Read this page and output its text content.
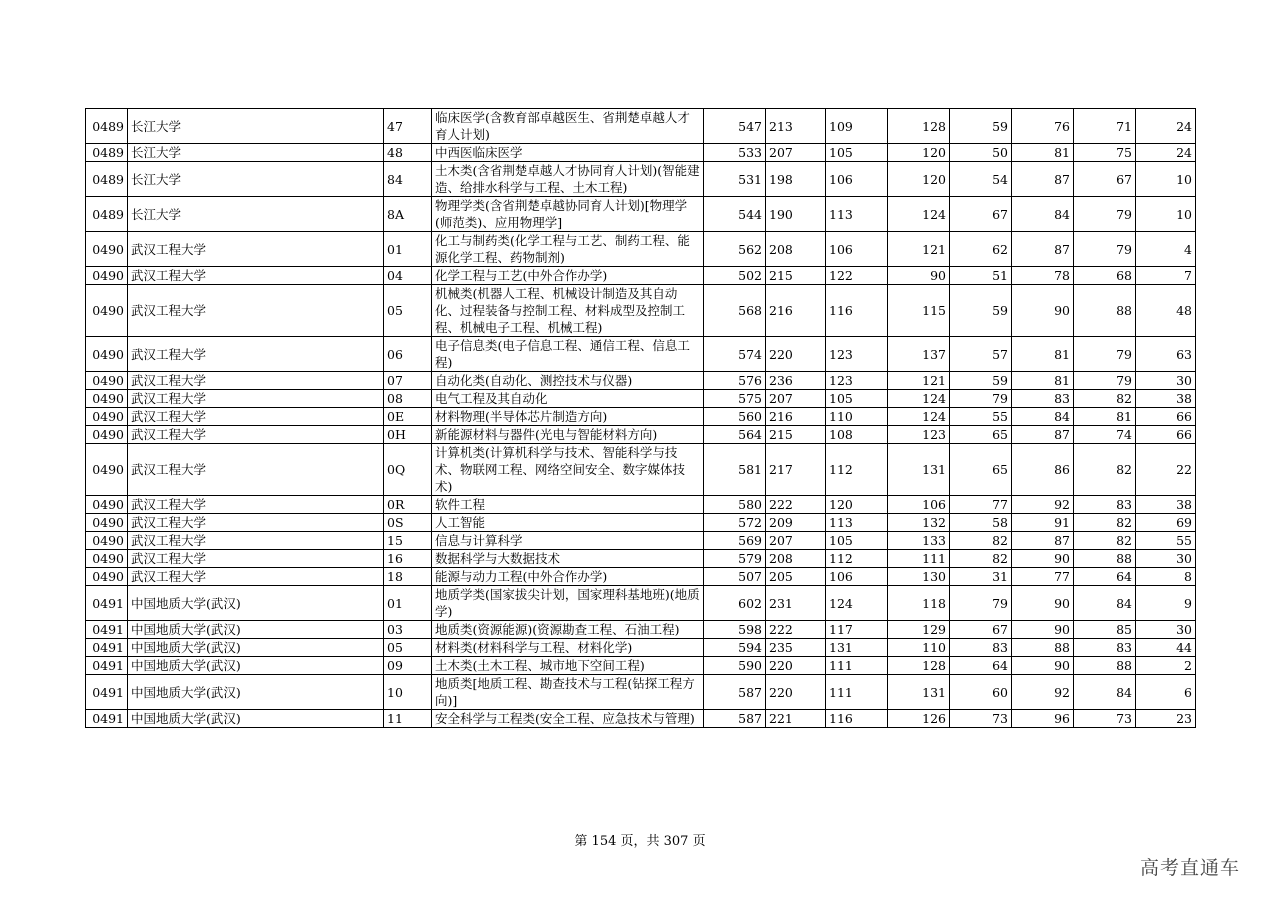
0489	长江大学	47	临床医学(含教育部卓越医生、省荆楚卓越人才育人计划)	547	213	109	128	59	76	71	24
0489	长江大学	48	中西医临床医学	533	207	105	120	50	81	75	24
0489	长江大学	84	土木类(含省荆楚卓越人才协同育人计划)(智能建造、给排水科学与工程、土木工程)	531	198	106	120	54	87	67	10
0489	长江大学	8A	物理学类(含省荆楚卓越协同育人计划)[物理学(师范类)、应用物理学]	544	190	113	124	67	84	79	10
0490	武汉工程大学	01	化工与制药类(化学工程与工艺、制药工程、能源化学工程、药物制剂)	562	208	106	121	62	87	79	4
0490	武汉工程大学	04	化学工程与工艺(中外合作办学)	502	215	122	90	51	78	68	7
0490	武汉工程大学	05	机械类(机器人工程、机械设计制造及其自动化、过程装备与控制工程、材料成型及控制工程、机械电子工程、机械工程)	568	216	116	115	59	90	88	48
0490	武汉工程大学	06	电子信息类(电子信息工程、通信工程、信息工程)	574	220	123	137	57	81	79	63
0490	武汉工程大学	07	自动化类(自动化、测控技术与仪器)	576	236	123	121	59	81	79	30
0490	武汉工程大学	08	电气工程及其自动化	575	207	105	124	79	83	82	38
0490	武汉工程大学	0E	材料物理(半导体芯片制造方向)	560	216	110	124	55	84	81	66
0490	武汉工程大学	0H	新能源材料与器件(光电与智能材料方向)	564	215	108	123	65	87	74	66
0490	武汉工程大学	0Q	计算机类(计算机科学与技术、智能科学与技术、物联网工程、网络空间安全、数字媒体技术)	581	217	112	131	65	86	82	22
0490	武汉工程大学	0R	软件工程	580	222	120	106	77	92	83	38
0490	武汉工程大学	0S	人工智能	572	209	113	132	58	91	82	69
0490	武汉工程大学	15	信息与计算科学	569	207	105	133	82	87	82	55
0490	武汉工程大学	16	数据科学与大数据技术	579	208	112	111	82	90	88	30
0490	武汉工程大学	18	能源与动力工程(中外合作办学)	507	205	106	130	31	77	64	8
0491	中国地质大学(武汉)	01	地质学类(国家拔尖计划，国家理科基地班)(地质学)	602	231	124	118	79	90	84	9
0491	中国地质大学(武汉)	03	地质类(资源能源)(资源勘查工程、石油工程)	598	222	117	129	67	90	85	30
0491	中国地质大学(武汉)	05	材料类(材料科学与工程、材料化学)	594	235	131	110	83	88	83	44
0491	中国地质大学(武汉)	09	土木类(土木工程、城市地下空间工程)	590	220	111	128	64	90	88	2
0491	中国地质大学(武汉)	10	地质类[地质工程、勘查技术与工程(钻探工程方向)]	587	220	111	131	60	92	84	6
0491	中国地质大学(武汉)	11	安全科学与工程类(安全工程、应急技术与管理)	587	221	116	126	73	96	73	23
第 154 页，共 307 页
高考直通车
